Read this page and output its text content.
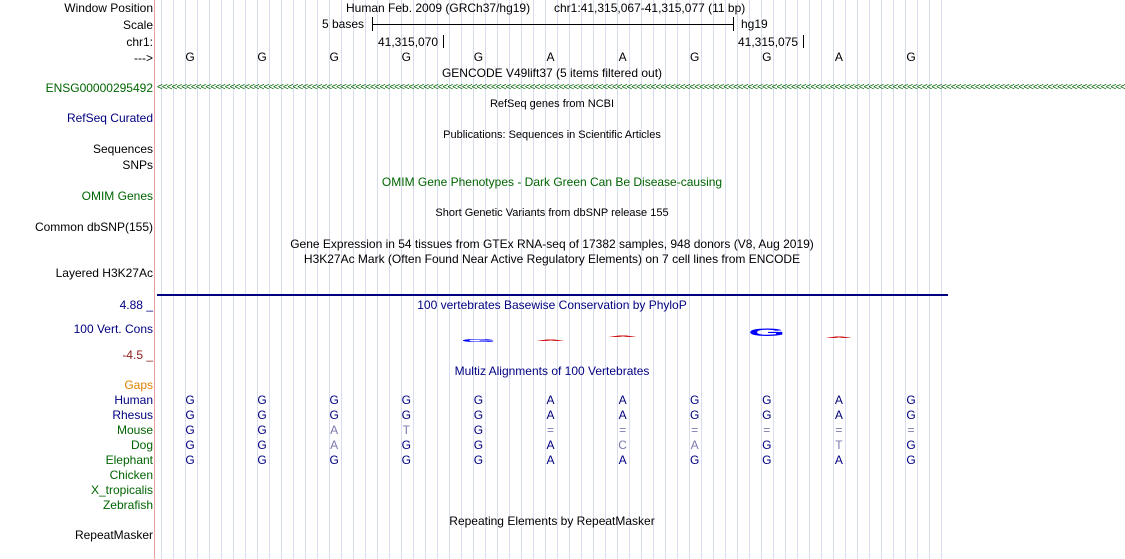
Window Position
Scale
chr1:
--->
Human Feb. 2009 (GRCh37/hg19) chr1:41,315,067-41,315,077 (11 bp)
5 bases	hg19
41,315,070	41,315,075
G	G	G	G	G	A	A	G	G	A	G
GENCODE V49lift37 (5 items filtered out)
ENSG00000295492 <<<<<<<<<<<<<<<<<<<<<<<<<<<<<<<<<<<<<<<<<<<<<<<<<<<<<<<<<<<<<<<<<<<<<<<<<<<<<<<<<<<<<<<<<<<<<<<<<<<<<<<<<<<<<<<<<<<<<<<<<<<<<<<<<<<<<<<<<<<<<<<<<<<<<<<<<<<<<<<<<<<<<<<<<<<<<<<<<<<<<<<<<<<<<<<<<<<<<<<<
RefSeq genes from NCBI
RefSeq Curated
Publications: Sequences in Scientific Articles
Sequences
SNPs
OMIM Gene Phenotypes - Dark Green Can Be Disease-causing
OMIM Genes
Short Genetic Variants from dbSNP release 155
Common dbSNP(155)
Gene Expression in 54 tissues from GTEx RNA-seq of 17382 samples, 948 donors (V8, Aug 2019)
H3K27Ac Mark (Often Found Near Active Regulatory Elements) on 7 cell lines from ENCODE
Layered H3K27Ac
100 vertebrates Basewise Conservation by PhyloP
4.88 _
100 Vert. Cons
-4.5 _
G	A
A	G	A
Multiz Alignments of 100 Vertebrates
Gaps
Human	G	G	G	G	G	A	A	G	G	A	G
Rhesus	G	G	G	G	G	A	A	G	G	A	G
Mouse	G	G	A	T	G	=	=	=	=	=	=
Dog	G	G	A	G	G	A	C	A	G	T	G
Elephant	G	G	G	G	G	A	A	G	G	A	G
Chicken
X_tropicalis
Zebrafish
Repeating Elements by RepeatMasker
RepeatMasker
